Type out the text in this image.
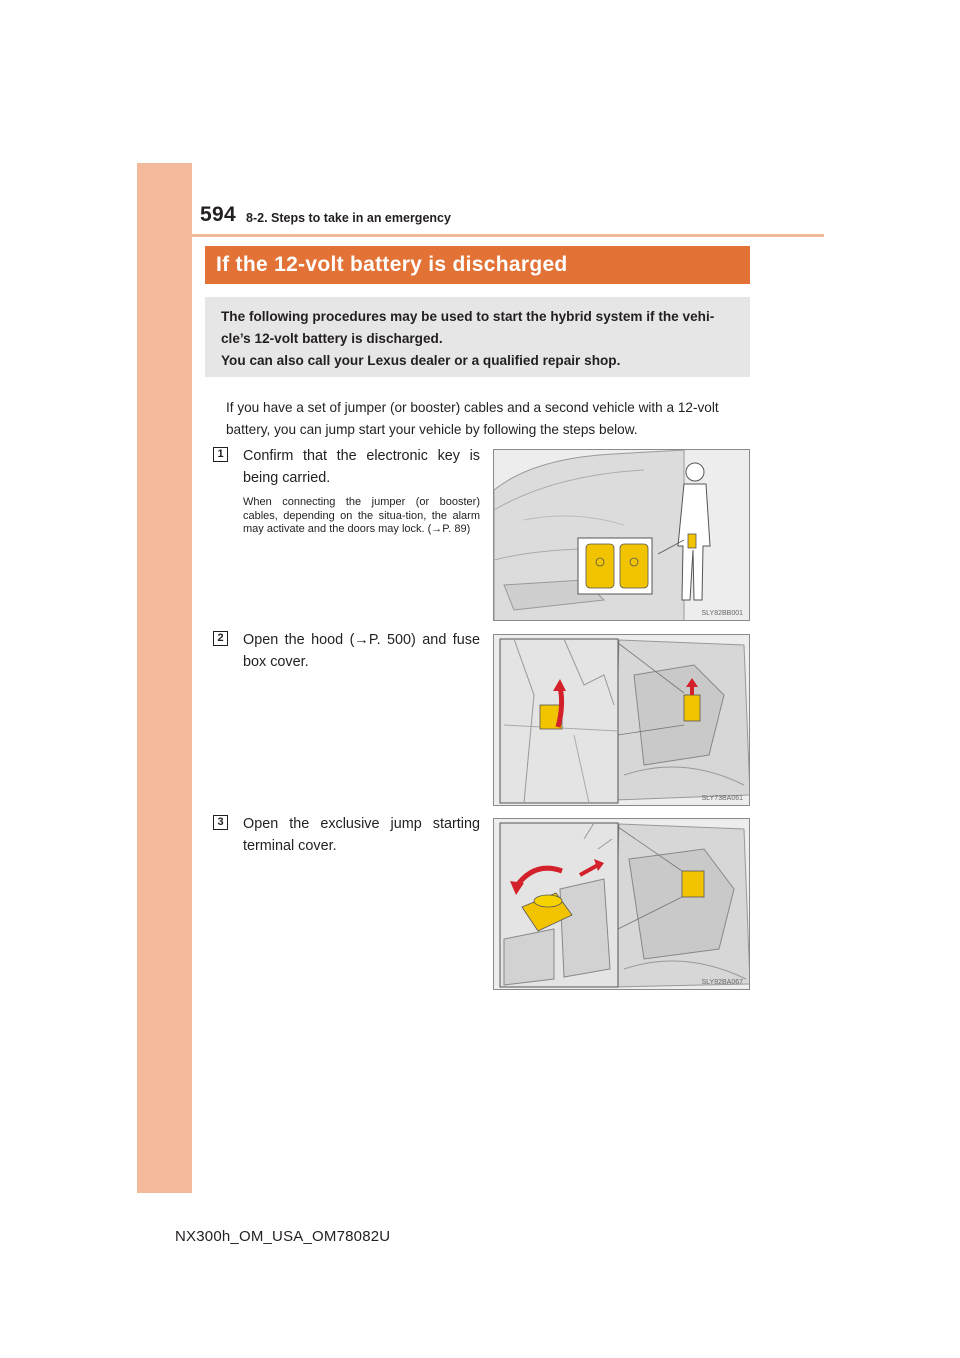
594 8-2. Steps to take in an emergency
If the 12-volt battery is discharged

The following procedures may be used to start the hybrid system if the vehi-

cle’s 12-volt battery is discharged.

You can also call your Lexus dealer or a qualified repair shop.

If you have a set of jumper (or booster) cables and a second vehicle with a 12-volt battery, you can jump start your vehicle by following the steps below.

1	Confirm that the electronic key is being carried.

When connecting the jumper (or booster) cables, depending on the situa-tion, the alarm may activate and the doors may lock. (→P. 89)

SLY82BB001
2	Open the hood (→P. 500) and fuse box cover.

SLY73BA061
3	Open the exclusive jump starting terminal cover.

SLY82BA067
NX300h_OM_USA_OM78082U
